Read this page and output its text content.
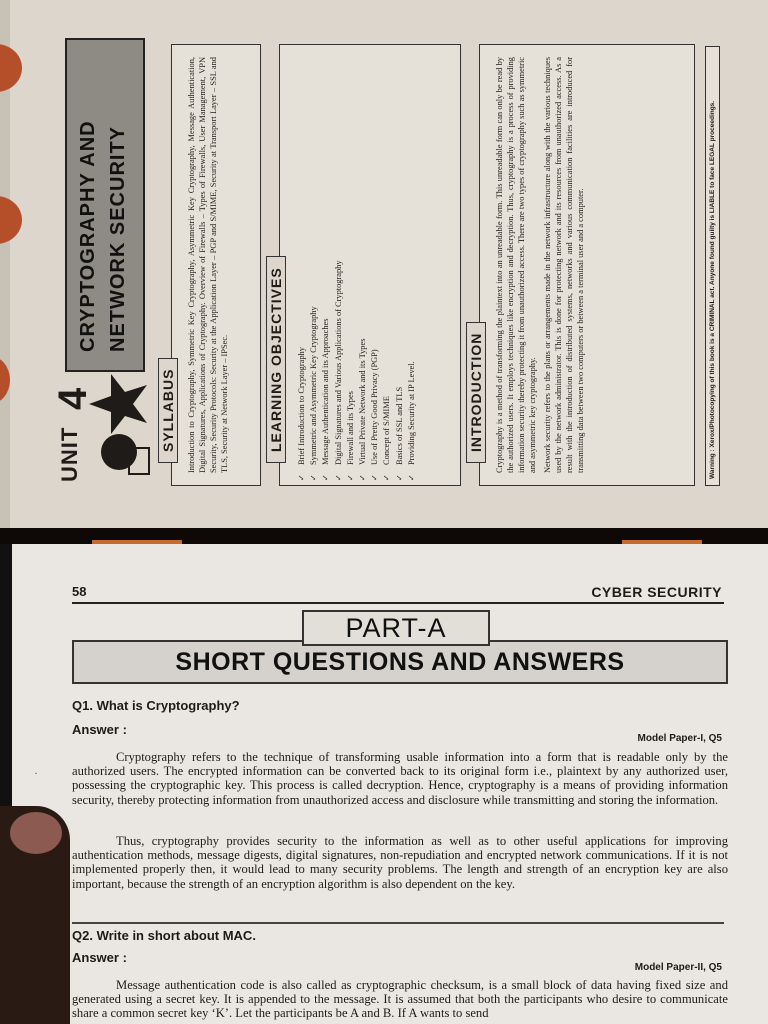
UNIT
4
CRYPTOGRAPHY AND NETWORK SECURITY
SYLLABUS	Introduction to Cryptography, Symmetric Key Cryptography, Asymmetric Key Cryptography, Message Authentication, Digital Signatures, Applications of Cryptography. Overview of Firewalls – Types of Firewalls, User Management, VPN Security, Security Protocols: Security at the Application Layer – PGP and S/MIME, Security at Transport Layer – SSL and TLS, Security at Network Layer – IPSec.	LEARNING OBJECTIVES ✓ Brief Introduction to Cryptography ✓ Symmetric and Asymmetric Key Cryptography ✓ Message Authentication and its Approaches ✓ Digital Signatures and Various Applications of Cryptography ✓ Firewall and its Types ✓ Virtual Private Network and its Types ✓ Use of Pretty Good Privacy (PGP) ✓ Concept of S/MIME ✓ Basics of SSL and TLS ✓ Providing Security at IP Level.	INTRODUCTION Cryptography is a method of transforming the plaintext into an unreadable form. This unreadable form can only be read by the authorized users. It employs techniques like encryption and decryption. Thus, cryptography is a process of providing information security thereby protecting it from unauthorized access. There are two types of cryptography such as symmetric and asymmetric key cryptography. Network security refers to the plans or arrangements made in the network infrastructure along with the various techniques used by the network administrator. This is done for protecting network and its resources from unauthorized access. As a result with the introduction of distributed systems, networks and various communication facilities are introduced for transmitting data between two computers or between a terminal user and a computer.	Warning : Xerox/Photocopying of this book is a CRIMINAL act. Anyone found guilty is LIABLE to face LEGAL proceedings.
58	CYBER SECURITY
SHORT QUESTIONS AND ANSWERS
PART-A
Q1. What is Cryptography?
Answer :
Model Paper-I, Q5

Cryptography refers to the technique of transforming usable information into a form that is readable only by the authorized users. The encrypted information can be converted back to its original form i.e., plaintext by any authorized user, possessing the cryptographic key. This process is called decryption. Hence, cryptography is a means of providing information security, thereby protecting information from unauthorized access and disclosure while transmitting and storing the information.

Thus, cryptography provides security to the information as well as to other useful applications for improving authentication methods, message digests, digital signatures, non-repudiation and encrypted network communications. If it is not implemented properly then, it would lead to many security problems. The length and strength of an encryption key are also important, because the strength of an encryption algorithm is also dependent on the key.

Q2. Write in short about MAC.
Answer :
Model Paper-II, Q5

Message authentication code is also called as cryptographic checksum, is a small block of data having fixed size and generated using a secret key. It is appended to the message. It is assumed that both the participants who desire to communicate share a common secret key ‘K’. Let the participants be A and B. If A wants to send

·
